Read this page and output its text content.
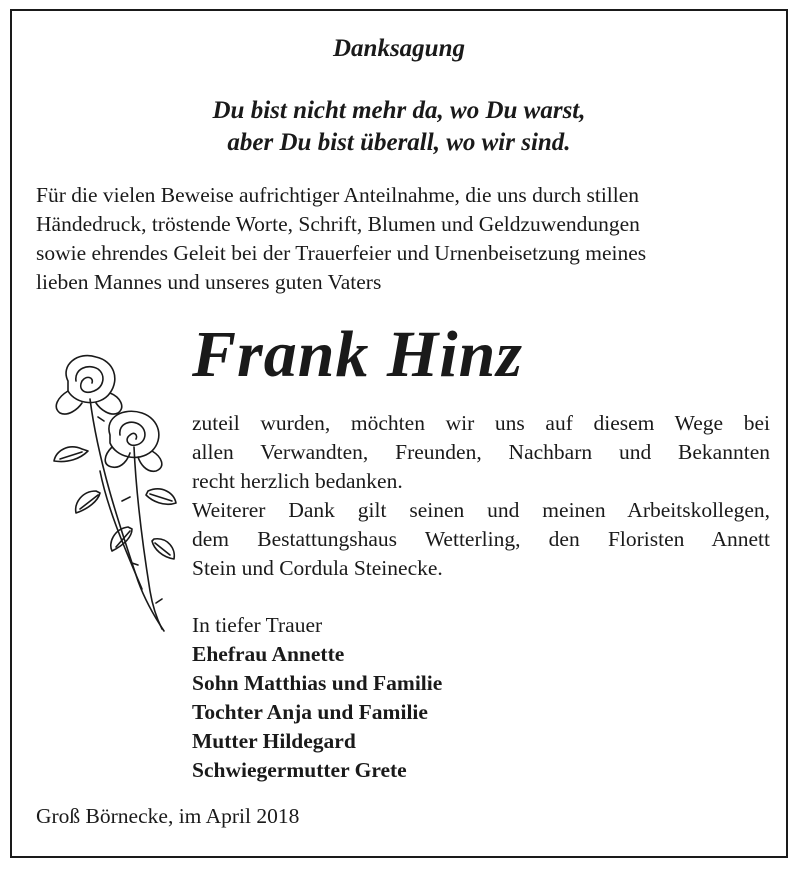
Danksagung
Du bist nicht mehr da, wo Du warst,
aber Du bist überall, wo wir sind.
Für die vielen Beweise aufrichtiger Anteilnahme, die uns durch stillen
Händedruck, tröstende Worte, Schrift, Blumen und Geldzuwendungen
sowie ehrendes Geleit bei der Trauerfeier und Urnenbeisetzung meines
lieben Mannes und unseres guten Vaters
Frank Hinz
zuteil wurden, möchten wir uns auf diesem Wege bei
allen Verwandten, Freunden, Nachbarn und Bekannten
recht herzlich bedanken.
Weiterer Dank gilt seinen und meinen Arbeitskollegen,
dem Bestattungshaus Wetterling, den Floristen Annett
Stein und Cordula Steinecke.
In tiefer Trauer
Ehefrau Annette
Sohn Matthias und Familie
Tochter Anja und Familie
Mutter Hildegard
Schwiegermutter Grete
Groß Börnecke, im April 2018
